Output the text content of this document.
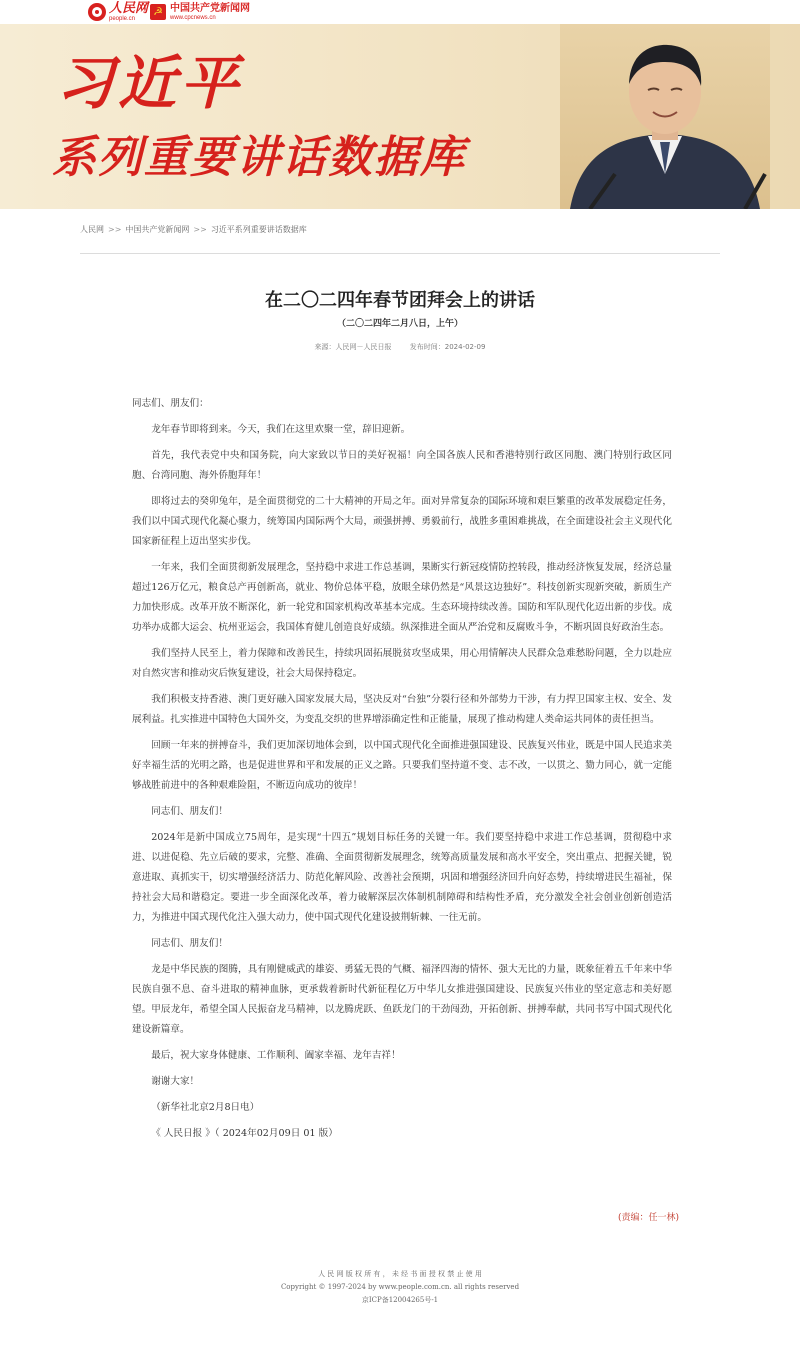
人民网
people.cn
☭ 中国共产党新闻网
www.cpcnews.cn
习近平
系列重要讲话数据库
人民网 >> 中国共产党新闻网 >> 习近平系列重要讲话数据库
在二〇二四年春节团拜会上的讲话
（二〇二四年二月八日，上午）
来源：人民网－人民日报	发布时间：2024-02-09

同志们、朋友们：

龙年春节即将到来。今天，我们在这里欢聚一堂，辞旧迎新。

首先，我代表党中央和国务院，向大家致以节日的美好祝福！向全国各族人民和香港特别行政区同胞、澳门特别行政区同胞、台湾同胞、海外侨胞拜年！

即将过去的癸卯兔年，是全面贯彻党的二十大精神的开局之年。面对异常复杂的国际环境和艰巨繁重的改革发展稳定任务，我们以中国式现代化凝心聚力，统筹国内国际两个大局，顽强拼搏、勇毅前行，战胜多重困难挑战，在全面建设社会主义现代化国家新征程上迈出坚实步伐。

一年来，我们全面贯彻新发展理念，坚持稳中求进工作总基调，果断实行新冠疫情防控转段，推动经济恢复发展，经济总量超过126万亿元，粮食总产再创新高，就业、物价总体平稳，放眼全球仍然是“风景这边独好”。科技创新实现新突破，新质生产力加快形成。改革开放不断深化，新一轮党和国家机构改革基本完成。生态环境持续改善。国防和军队现代化迈出新的步伐。成功举办成都大运会、杭州亚运会，我国体育健儿创造良好成绩。纵深推进全面从严治党和反腐败斗争，不断巩固良好政治生态。

我们坚持人民至上，着力保障和改善民生，持续巩固拓展脱贫攻坚成果，用心用情解决人民群众急难愁盼问题，全力以赴应对自然灾害和推动灾后恢复建设，社会大局保持稳定。

我们积极支持香港、澳门更好融入国家发展大局，坚决反对“台独”分裂行径和外部势力干涉，有力捍卫国家主权、安全、发展利益。扎实推进中国特色大国外交，为变乱交织的世界增添确定性和正能量，展现了推动构建人类命运共同体的责任担当。

回顾一年来的拼搏奋斗，我们更加深切地体会到，以中国式现代化全面推进强国建设、民族复兴伟业，既是中国人民追求美好幸福生活的光明之路，也是促进世界和平和发展的正义之路。只要我们坚持道不变、志不改，一以贯之、勠力同心，就一定能够战胜前进中的各种艰难险阻，不断迈向成功的彼岸！

同志们、朋友们！

2024年是新中国成立75周年，是实现“十四五”规划目标任务的关键一年。我们要坚持稳中求进工作总基调，贯彻稳中求进、以进促稳、先立后破的要求，完整、准确、全面贯彻新发展理念，统筹高质量发展和高水平安全，突出重点、把握关键，锐意进取、真抓实干，切实增强经济活力、防范化解风险、改善社会预期，巩固和增强经济回升向好态势，持续增进民生福祉，保持社会大局和谐稳定。要进一步全面深化改革，着力破解深层次体制机制障碍和结构性矛盾，充分激发全社会创业创新创造活力，为推进中国式现代化注入强大动力，使中国式现代化建设披荆斩棘、一往无前。

同志们、朋友们！

龙是中华民族的图腾，具有刚健威武的雄姿、勇猛无畏的气概、福泽四海的情怀、强大无比的力量，既象征着五千年来中华民族自强不息、奋斗进取的精神血脉，更承载着新时代新征程亿万中华儿女推进强国建设、民族复兴伟业的坚定意志和美好愿望。甲辰龙年，希望全国人民振奋龙马精神，以龙腾虎跃、鱼跃龙门的干劲闯劲，开拓创新、拼搏奉献，共同书写中国式现代化建设新篇章。

最后，祝大家身体健康、工作顺利、阖家幸福、龙年吉祥！

谢谢大家！

（新华社北京2月8日电）

《 人民日报 》（ 2024年02月09日 01 版）

(责编：任一林)
人 民 网 版 权 所 有 ， 未 经 书 面 授 权 禁 止 使 用
Copyright © 1997-2024 by www.people.com.cn. all rights reserved
京ICP备12004265号-1
